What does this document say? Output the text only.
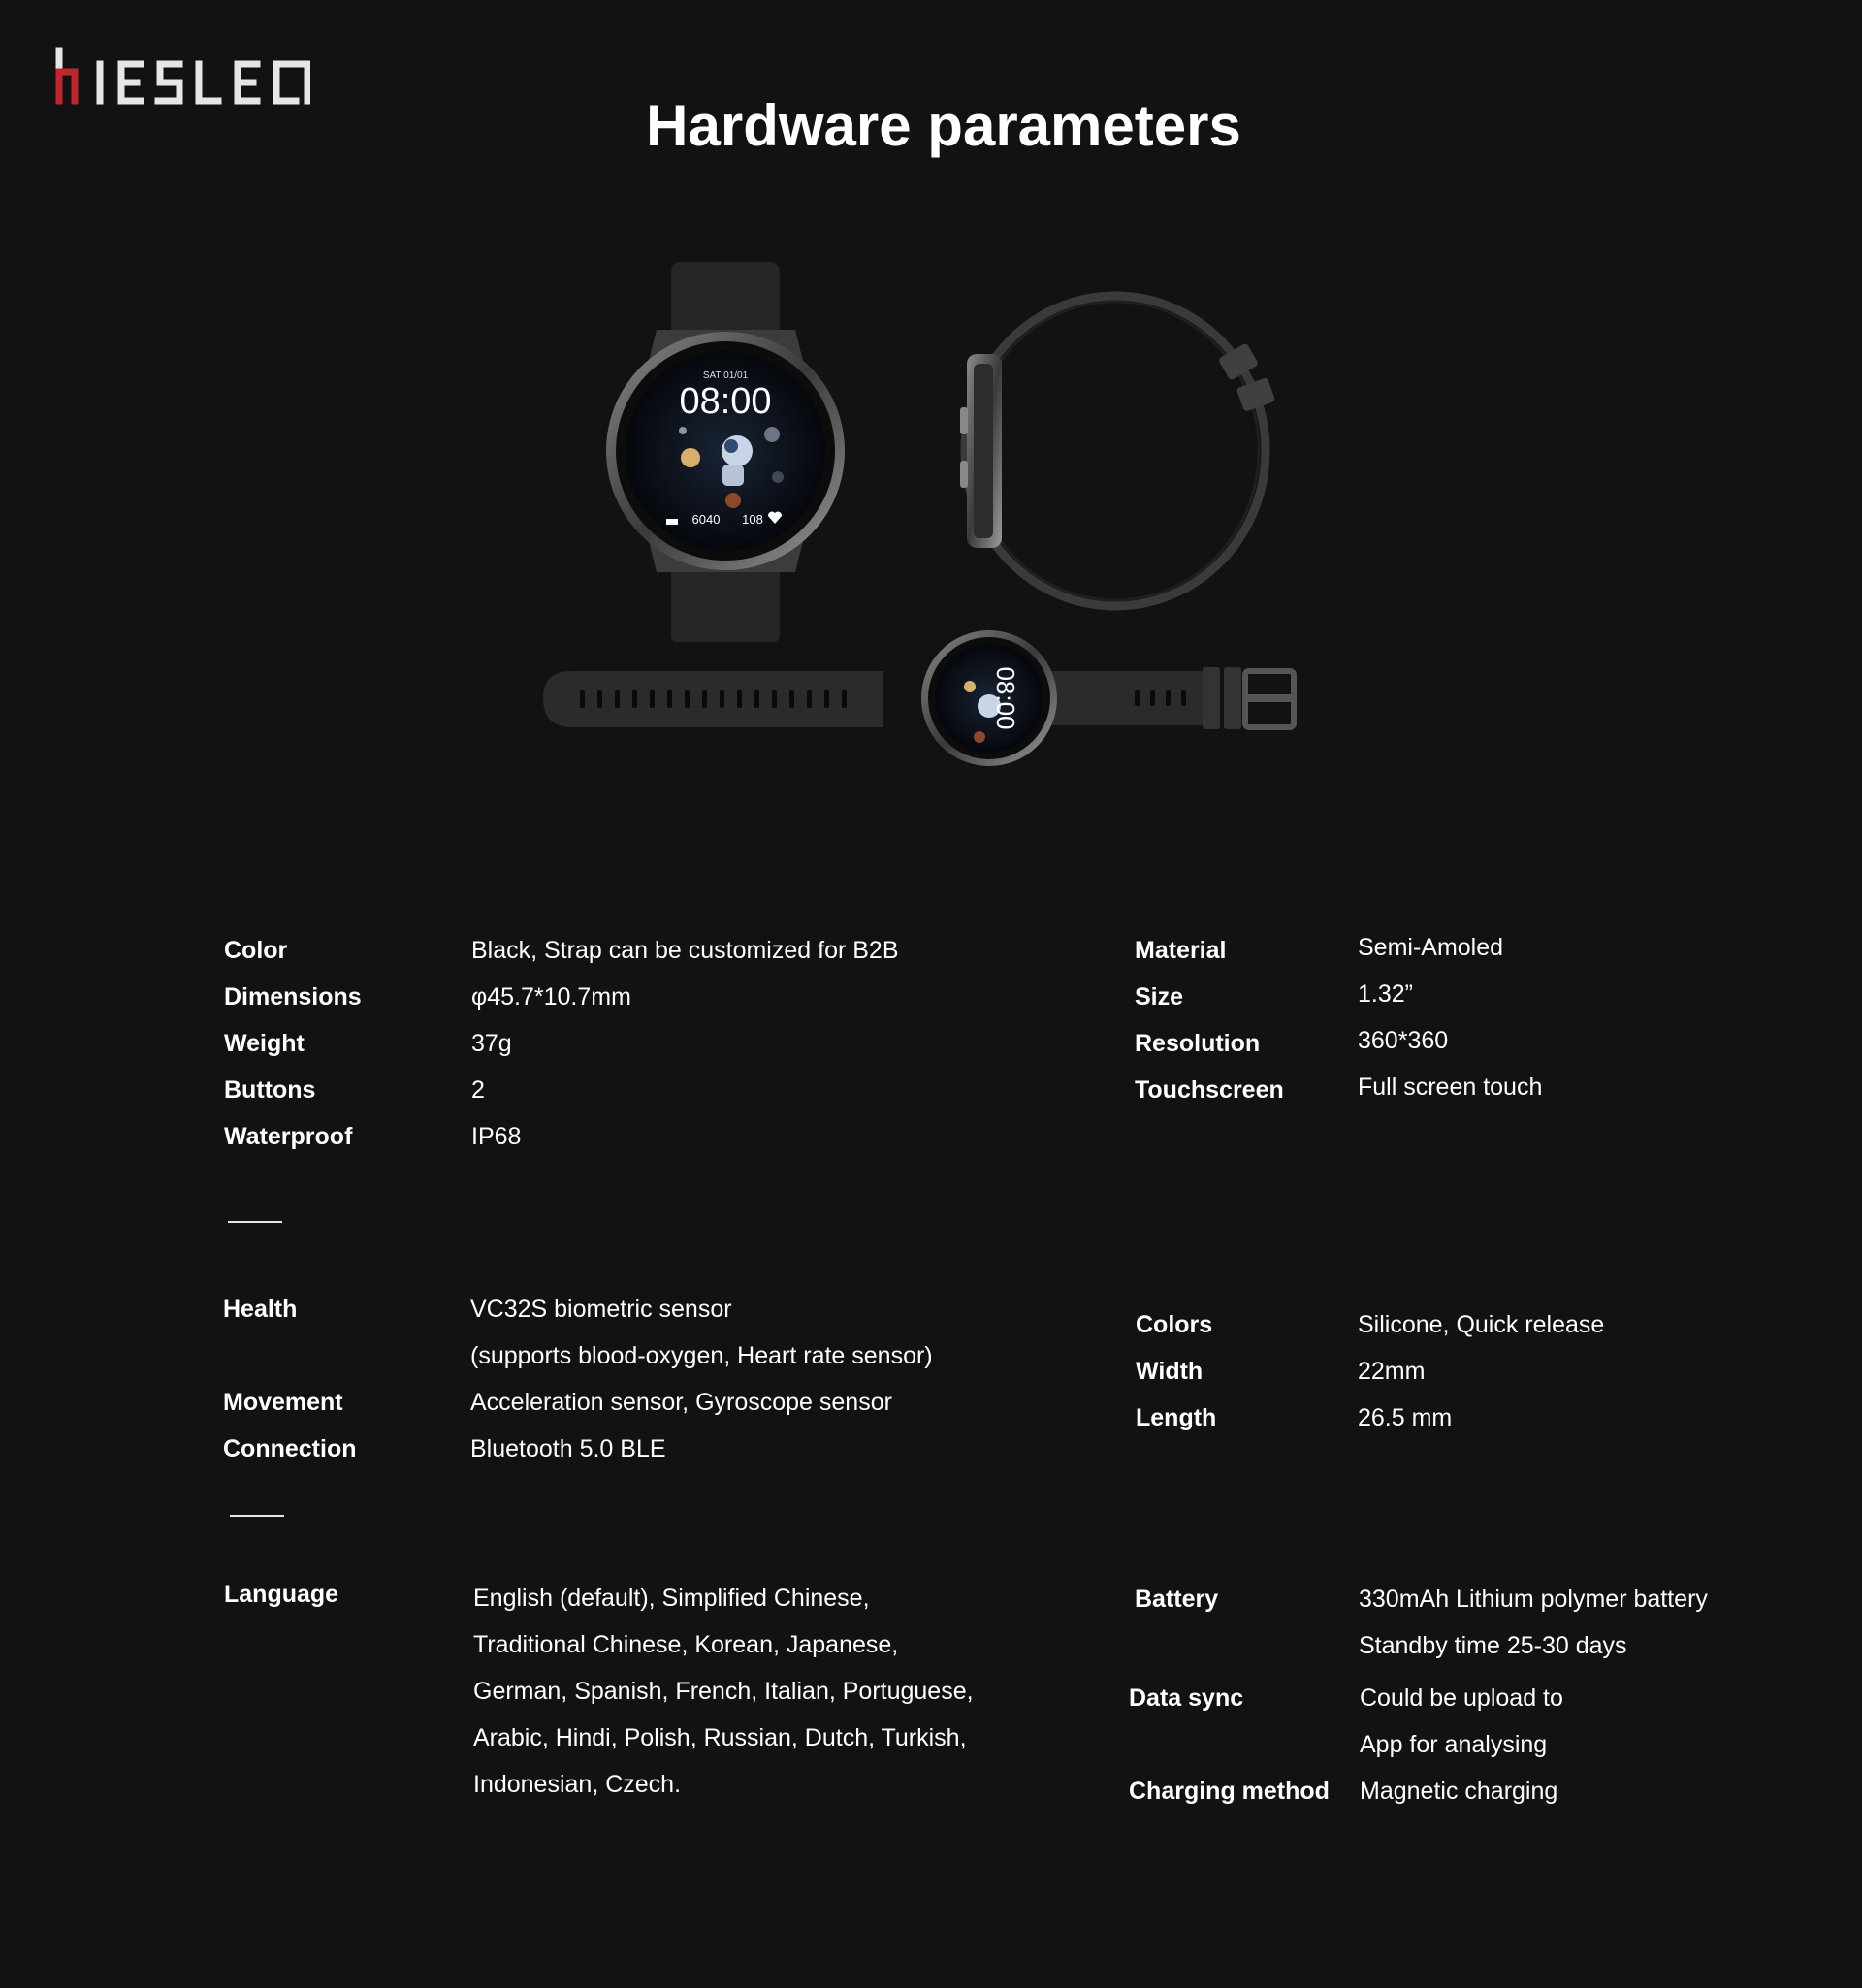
Hardware parameters
SAT 01/01
08:00
6040 108
08:00
Color	Black, Strap can be customized for B2B
Dimensions	φ45.7*10.7mm
Weight	37g
Buttons	2
Waterproof	IP68
Material	Semi-Amoled
Size	1.32”
Resolution	360*360
Touchscreen	Full screen touch
Health	VC32S biometric sensor
(supports blood-oxygen, Heart rate sensor)
Movement	Acceleration sensor, Gyroscope sensor
Connection	Bluetooth 5.0 BLE
Colors	Silicone, Quick release
Width	22mm
Length	26.5 mm
Language	English (default), Simplified Chinese,
Traditional Chinese, Korean, Japanese,
German, Spanish, French, Italian, Portuguese,
Arabic, Hindi, Polish, Russian, Dutch, Turkish,
Indonesian, Czech.
Battery	330mAh Lithium polymer battery
Standby time 25-30 days
Data sync	Could be upload to
App for analysing
Charging method Magnetic charging
